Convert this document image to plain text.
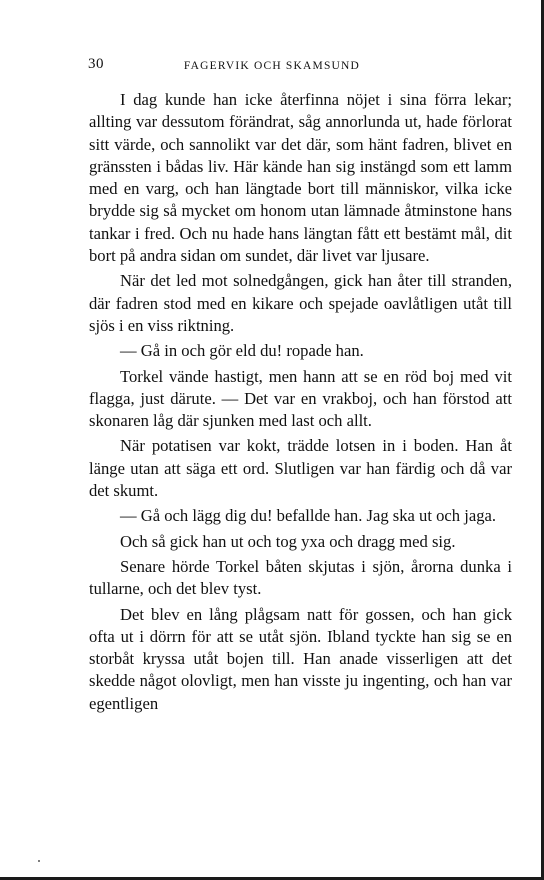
30	FAGERVIK OCH SKAMSUND

I dag kunde han icke återfinna nöjet i sina förra lekar; allting var dessutom förändrat, såg annorlunda ut, hade förlorat sitt värde, och sannolikt var det där, som hänt fadren, blivet en gränssten i bådas liv. Här kände han sig instängd som ett lamm med en varg, och han längtade bort till människor, vilka icke brydde sig så mycket om honom utan lämnade åtminstone hans tankar i fred. Och nu hade hans längtan fått ett bestämt mål, dit bort på andra sidan om sundet, där livet var ljusare.

När det led mot solnedgången, gick han åter till stranden, där fadren stod med en kikare och spejade oavlåtligen utåt till sjös i en viss riktning.

— Gå in och gör eld du! ropade han.

Torkel vände hastigt, men hann att se en röd boj med vit flagga, just därute. — Det var en vrakboj, och han förstod att skonaren låg där sjunken med last och allt.

När potatisen var kokt, trädde lotsen in i boden. Han åt länge utan att säga ett ord. Slutligen var han färdig och då var det skumt.

— Gå och lägg dig du! befallde han. Jag ska ut och jaga.

Och så gick han ut och tog yxa och dragg med sig.

Senare hörde Torkel båten skjutas i sjön, årorna dunka i tullarne, och det blev tyst.

Det blev en lång plågsam natt för gossen, och han gick ofta ut i dörrn för att se utåt sjön. Ibland tyckte han sig se en storbåt kryssa utåt bojen till. Han anade visserligen att det skedde något olovligt, men han visste ju ingenting, och han var egentligen
